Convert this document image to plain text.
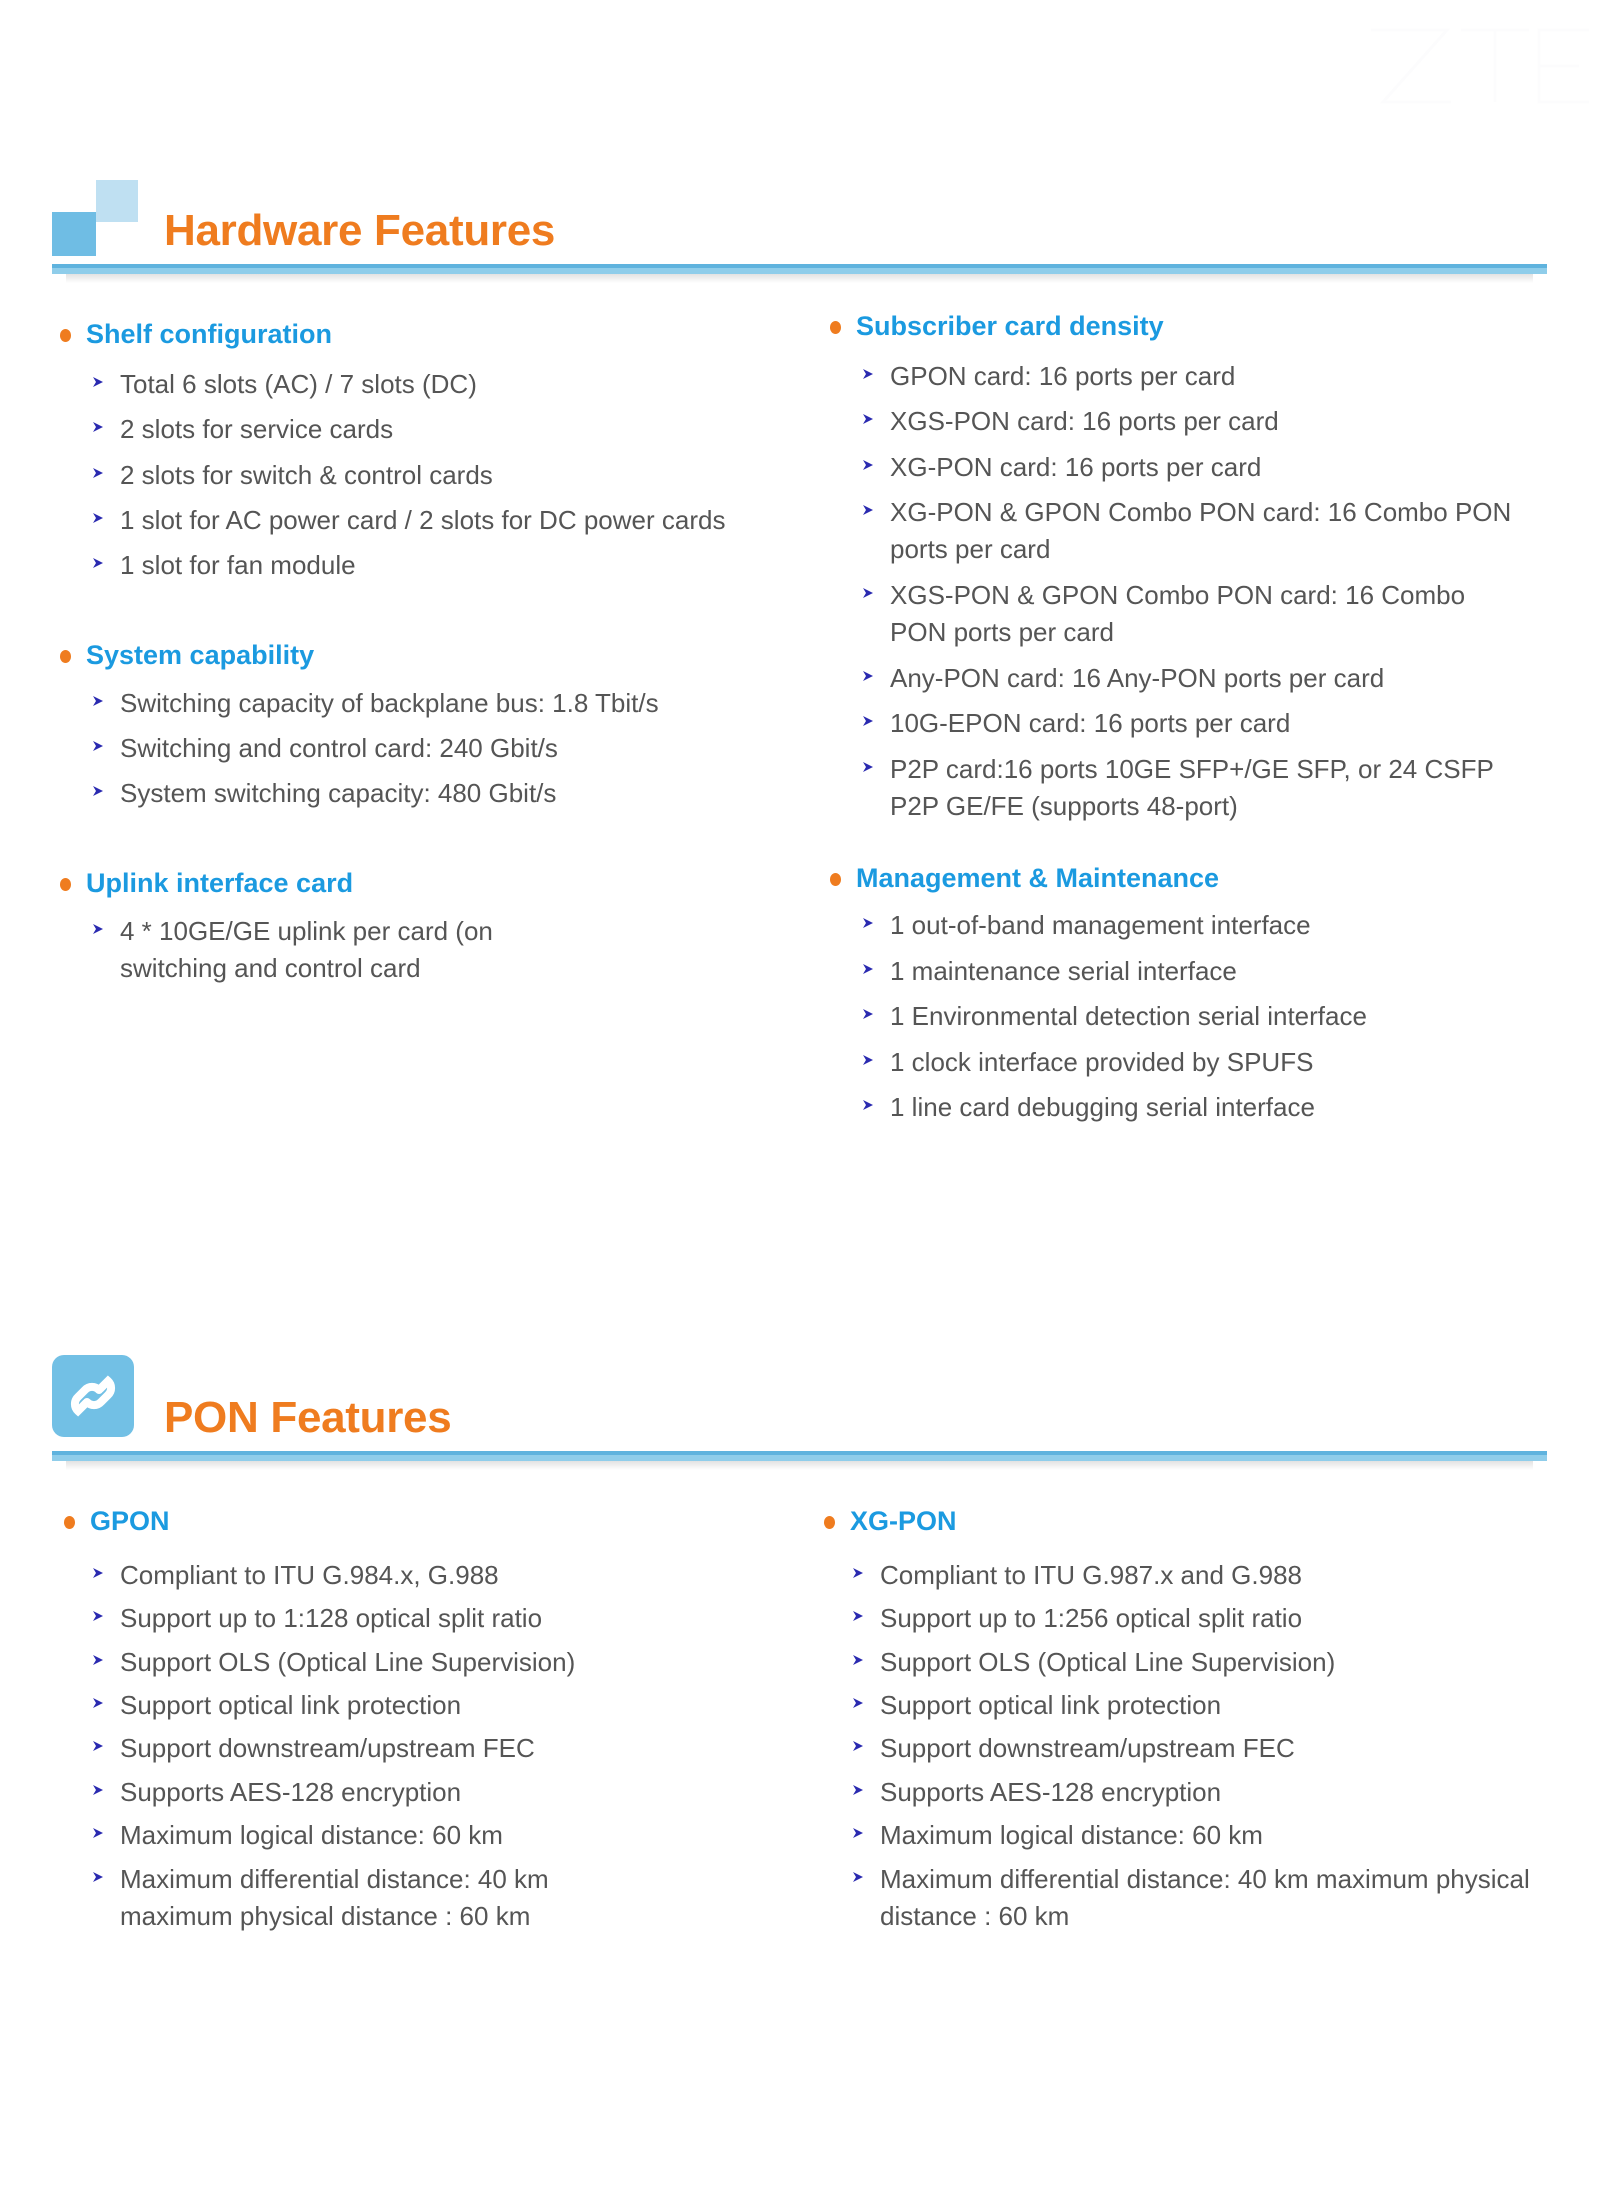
Hardware Features
Shelf configuration
Total 6 slots (AC) / 7 slots (DC)
2 slots for service cards
2 slots for switch & control cards
1 slot for AC power card / 2 slots for DC power cards
1 slot for fan module
System capability
Switching capacity of backplane bus: 1.8 Tbit/s
Switching and control card: 240 Gbit/s
System switching capacity: 480 Gbit/s
Uplink interface card
4 * 10GE/GE uplink per card (on switching and control card
Subscriber card density
GPON card: 16 ports per card
XGS-PON card: 16 ports per card
XG-PON card: 16 ports per card
XG-PON & GPON Combo PON card: 16 Combo PON ports per card
XGS-PON & GPON Combo PON card: 16 Combo PON ports per card
Any-PON card: 16 Any-PON ports per card
10G-EPON card: 16 ports per card
P2P card:16 ports 10GE SFP+/GE SFP, or 24 CSFP P2P GE/FE (supports 48-port)
Management & Maintenance
1 out-of-band management interface
1 maintenance serial interface
1 Environmental detection serial interface
1 clock interface provided by SPUFS
1 line card debugging serial interface
PON Features
GPON
Compliant to ITU G.984.x, G.988
Support up to 1:128 optical split ratio
Support OLS (Optical Line Supervision)
Support optical link protection
Support downstream/upstream FEC
Supports AES-128 encryption
Maximum logical distance: 60 km
Maximum differential distance: 40 km maximum physical distance : 60 km
XG-PON
Compliant to ITU G.987.x and G.988
Support up to 1:256 optical split ratio
Support OLS (Optical Line Supervision)
Support optical link protection
Support downstream/upstream FEC
Supports AES-128 encryption
Maximum logical distance: 60 km
Maximum differential distance: 40 km maximum physical distance : 60 km
